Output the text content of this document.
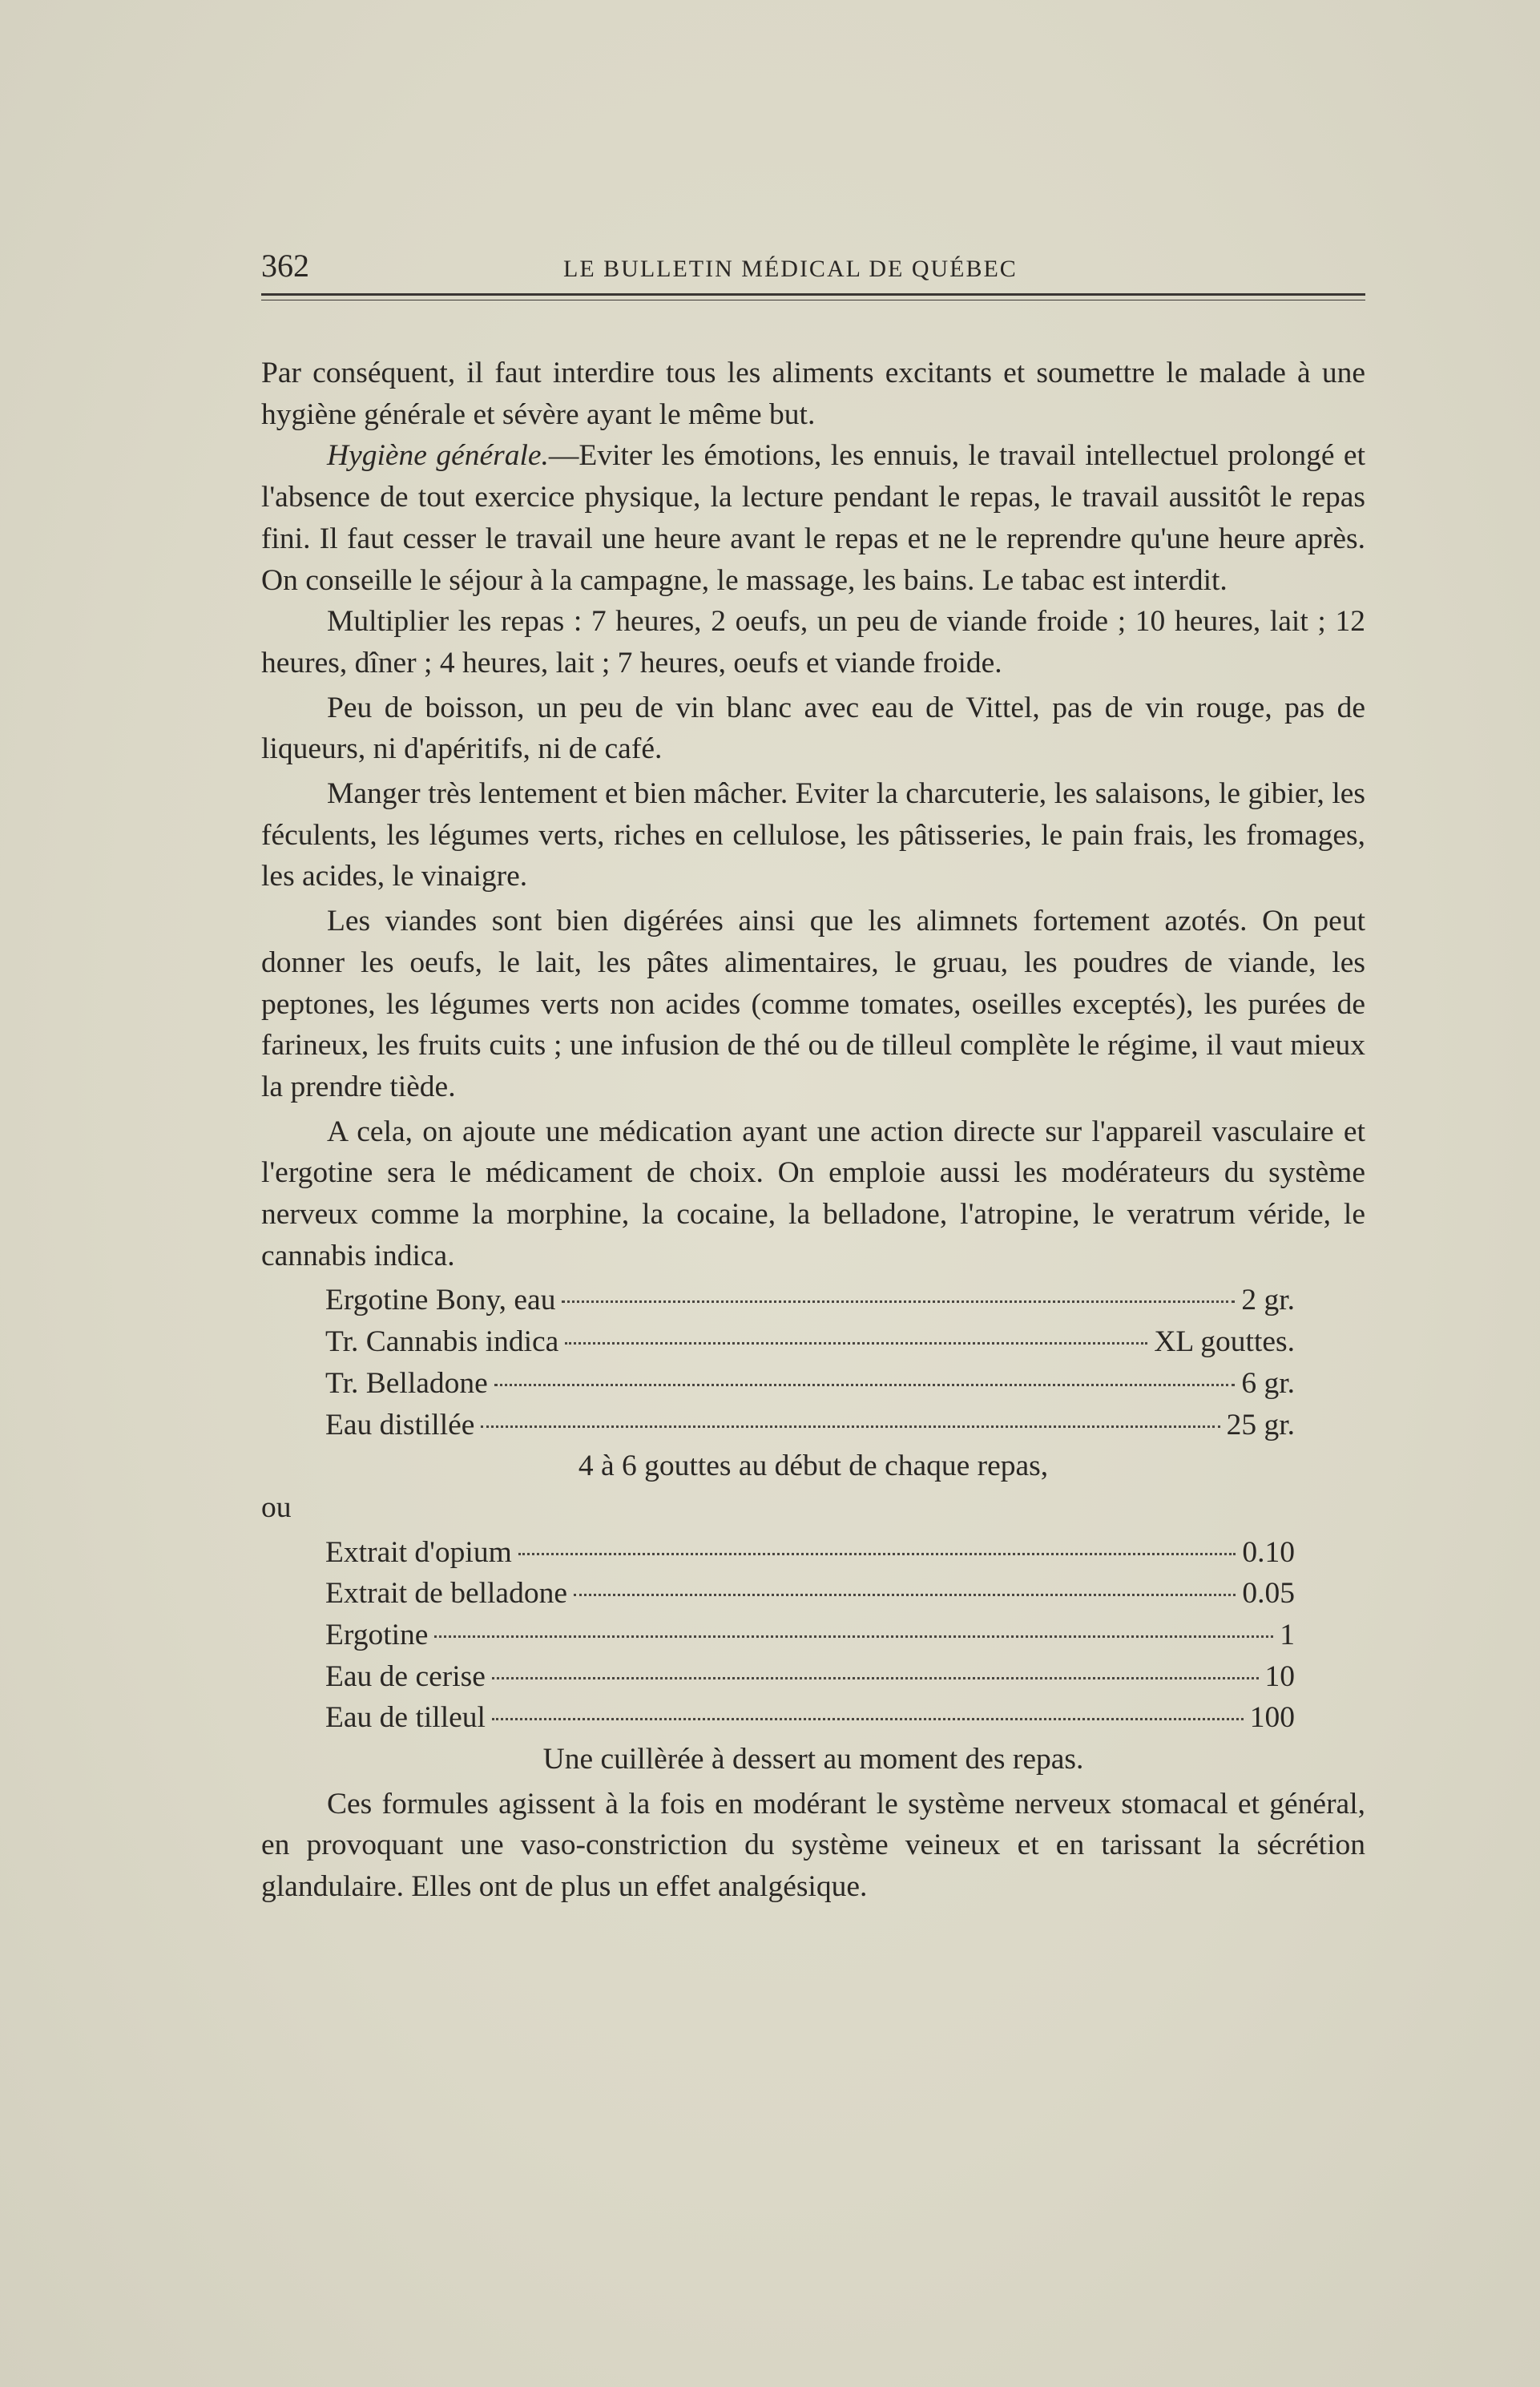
362	LE BULLETIN MÉDICAL DE QUÉBEC

Par conséquent, il faut interdire tous les aliments excitants et soumettre le malade à une hygiène générale et sévère ayant le même but.

Hygiène générale.—Eviter les émotions, les ennuis, le travail intellectuel prolongé et l'absence de tout exercice physique, la lecture pendant le repas, le travail aussitôt le repas fini. Il faut cesser le travail une heure avant le repas et ne le reprendre qu'une heure après. On conseille le séjour à la campagne, le massage, les bains. Le tabac est interdit.

Multiplier les repas : 7 heures, 2 oeufs, un peu de viande froide ; 10 heures, lait ; 12 heures, dîner ; 4 heures, lait ; 7 heures, oeufs et viande froide.

Peu de boisson, un peu de vin blanc avec eau de Vittel, pas de vin rouge, pas de liqueurs, ni d'apéritifs, ni de café.

Manger très lentement et bien mâcher. Eviter la charcuterie, les salaisons, le gibier, les féculents, les légumes verts, riches en cellulose, les pâtisseries, le pain frais, les fromages, les acides, le vinaigre.

Les viandes sont bien digérées ainsi que les alimnets fortement azotés. On peut donner les oeufs, le lait, les pâtes alimentaires, le gruau, les poudres de viande, les peptones, les légumes verts non acides (comme tomates, oseilles exceptés), les purées de farineux, les fruits cuits ; une infusion de thé ou de tilleul complète le régime, il vaut mieux la prendre tiède.

A cela, on ajoute une médication ayant une action directe sur l'appareil vasculaire et l'ergotine sera le médicament de choix. On emploie aussi les modérateurs du système nerveux comme la morphine, la cocaine, la belladone, l'atropine, le veratrum véride, le cannabis indica.

Ergotine Bony, eau	2 gr.
Tr. Cannabis indica	XL gouttes.
Tr. Belladone	6 gr.
Eau distillée	25 gr.

4 à 6 gouttes au début de chaque repas,

ou

Extrait d'opium	0.10
Extrait de belladone	0.05
Ergotine	1
Eau de cerise	10
Eau de tilleul	100

Une cuillèrée à dessert au moment des repas.

Ces formules agissent à la fois en modérant le système nerveux stomacal et général, en provoquant une vaso-constriction du système veineux et en tarissant la sécrétion glandulaire. Elles ont de plus un effet analgésique.
